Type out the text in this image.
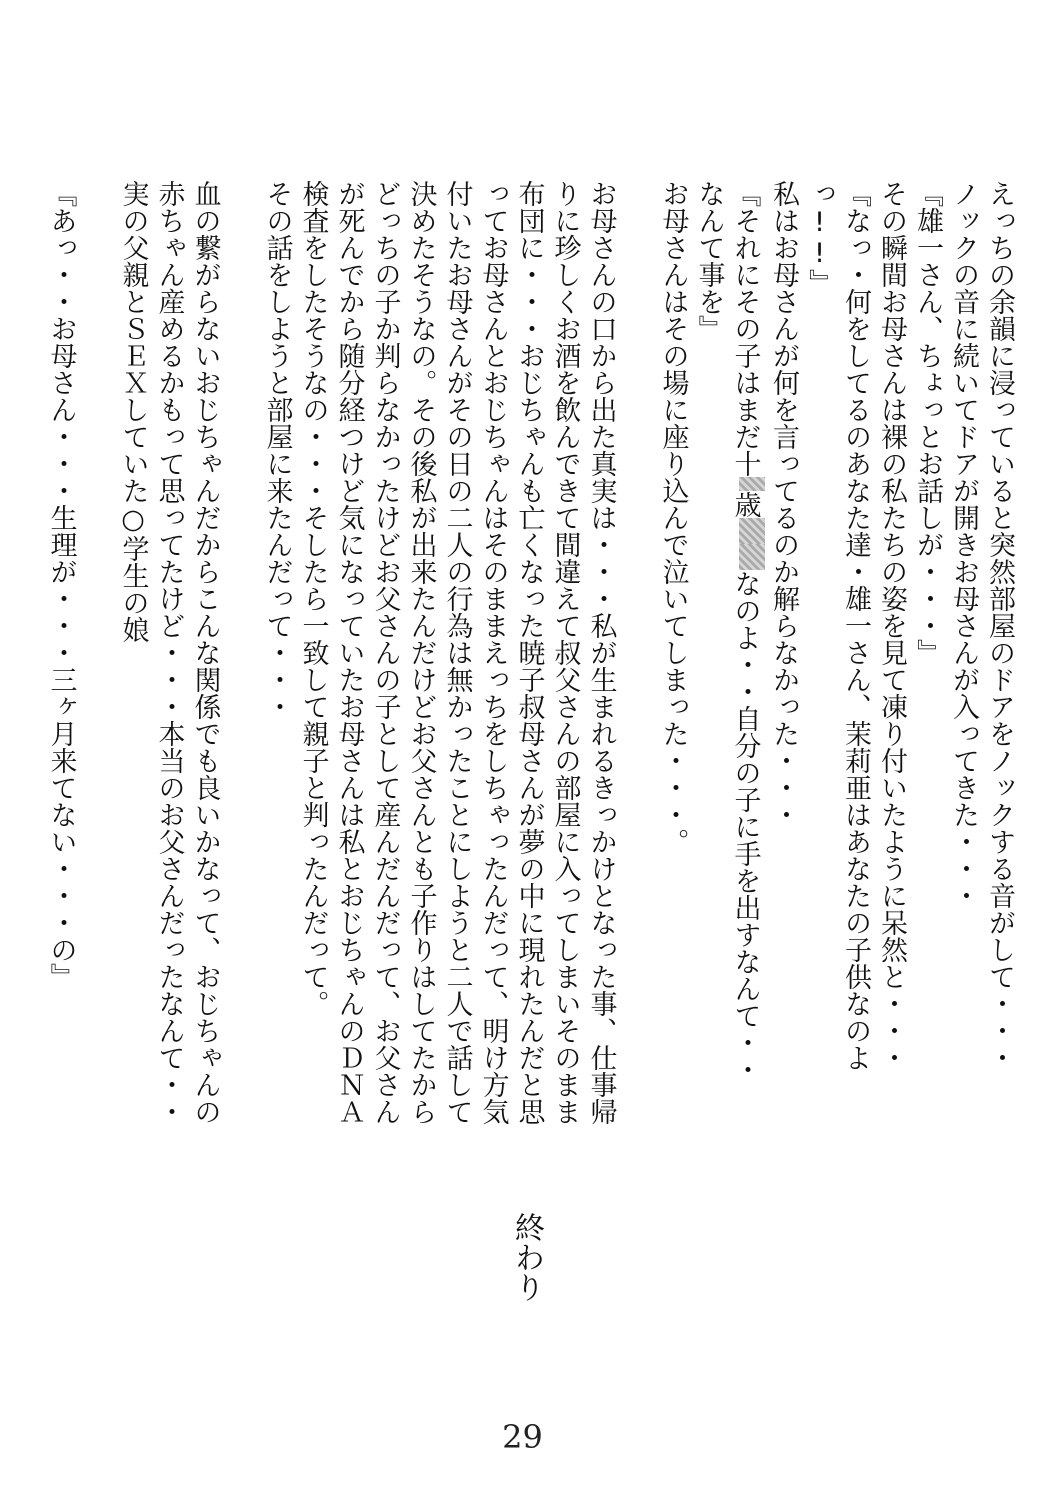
えっちの余韻に浸っていると突然部屋のドアをノックする音がして・・・
ノックの音に続いてドアが開きお母さんが入ってきた・・・
『雄一さん、ちょっとお話しが・・・』
その瞬間お母さんは裸の私たちの姿を見て凍り付いたように呆然と・・・
『なっ・何をしてるのあなた達・雄一さん、茉莉亜はあなたの子供なのよ
っ!!』
私はお母さんが何を言ってるのか解らなかった・・・
『それにその子はまだ十歳なのよ・・自分の子に手を出すなんて・・
なんて事を』
お母さんはその場に座り込んで泣いてしまった・・・。
お母さんの口から出た真実は・・・私が生まれるきっかけとなった事、仕事帰
りに珍しくお酒を飲んできて間違えて叔父さんの部屋に入ってしまいそのまま
布団に・・・おじちゃんも亡くなった暁子叔母さんが夢の中に現れたんだと思
ってお母さんとおじちゃんはそのままえっちをしちゃったんだって、明け方気
付いたお母さんがその日の二人の行為は無かったことにしようと二人で話して
決めたそうなの。その後私が出来たんだけどお父さんとも子作りはしてたから
どっちの子か判らなかったけどお父さんの子として産んだんだって、お父さん
が死んでから随分経つけど気になっていたお母さんは私とおじちゃんのＤＮＡ
検査をしたそうなの・・・そしたら一致して親子と判ったんだって。
その話をしようと部屋に来たんだって・・・
血の繋がらないおじちゃんだからこんな関係でも良いかなって、おじちゃんの
赤ちゃん産めるかもって思ってたけど・・・本当のお父さんだったなんて・・
実の父親とＳＥＸしていた○学生の娘
『あっ・・お母さん・・・生理が・・・三ヶ月来てない・・・の』
終わり
29
